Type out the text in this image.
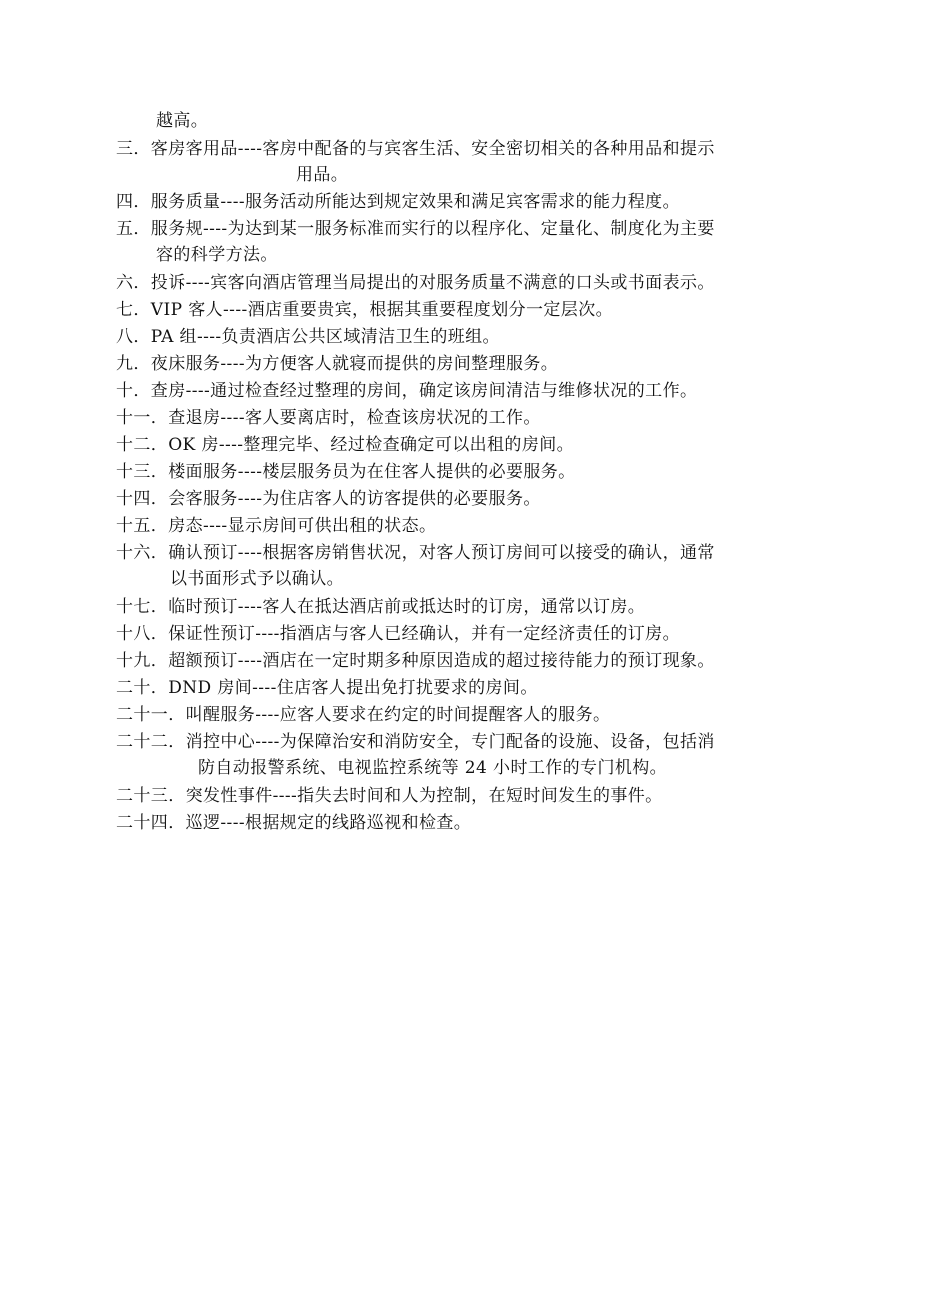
越高。

三．客房客用品----客房中配备的与宾客生活、安全密切相关的各种用品和提示

用品。

四．服务质量----服务活动所能达到规定效果和满足宾客需求的能力程度。

五．服务规----为达到某一服务标准而实行的以程序化、定量化、制度化为主要

容的科学方法。

六．投诉----宾客向酒店管理当局提出的对服务质量不满意的口头或书面表示。

七．VIP 客人----酒店重要贵宾，根据其重要程度划分一定层次。

八．PA 组----负责酒店公共区域清洁卫生的班组。

九．夜床服务----为方便客人就寝而提供的房间整理服务。

十．查房----通过检查经过整理的房间，确定该房间清洁与维修状况的工作。

十一．查退房----客人要离店时，检查该房状况的工作。

十二．OK 房----整理完毕、经过检查确定可以出租的房间。

十三．楼面服务----楼层服务员为在住客人提供的必要服务。

十四．会客服务----为住店客人的访客提供的必要服务。

十五．房态----显示房间可供出租的状态。

十六．确认预订----根据客房销售状况，对客人预订房间可以接受的确认，通常

以书面形式予以确认。

十七．临时预订----客人在抵达酒店前或抵达时的订房，通常以订房。

十八．保证性预订----指酒店与客人已经确认，并有一定经济责任的订房。

十九．超额预订----酒店在一定时期多种原因造成的超过接待能力的预订现象。

二十．DND 房间----住店客人提出免打扰要求的房间。

二十一．叫醒服务----应客人要求在约定的时间提醒客人的服务。

二十二．消控中心----为保障治安和消防安全，专门配备的设施、设备，包括消

防自动报警系统、电视监控系统等 24 小时工作的专门机构。

二十三．突发性事件----指失去时间和人为控制，在短时间发生的事件。

二十四．巡逻----根据规定的线路巡视和检查。
